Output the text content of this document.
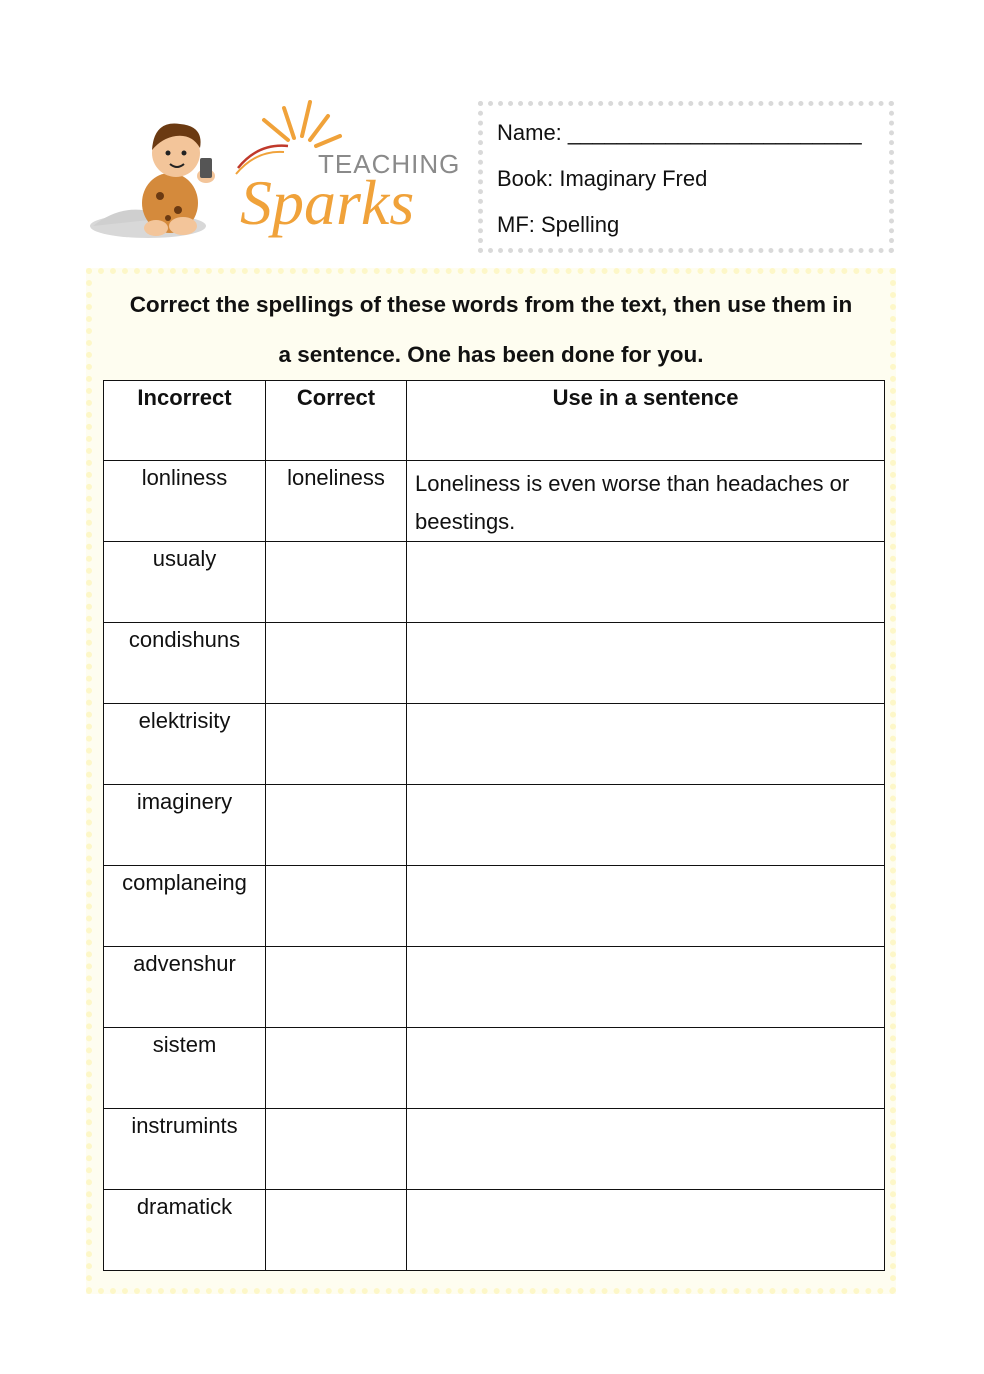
TEACHING
Sparks
Name: ________________________
Book: Imaginary Fred
MF: Spelling
Correct the spellings of these words from the text, then use them in
a sentence. One has been done for you.
Incorrect	Correct	Use in a sentence
lonliness	loneliness	Loneliness is even worse than headaches or beestings.
usualy		
condishuns		
elektrisity		
imaginery		
complaneing		
advenshur		
sistem		
instrumints		
dramatick		
